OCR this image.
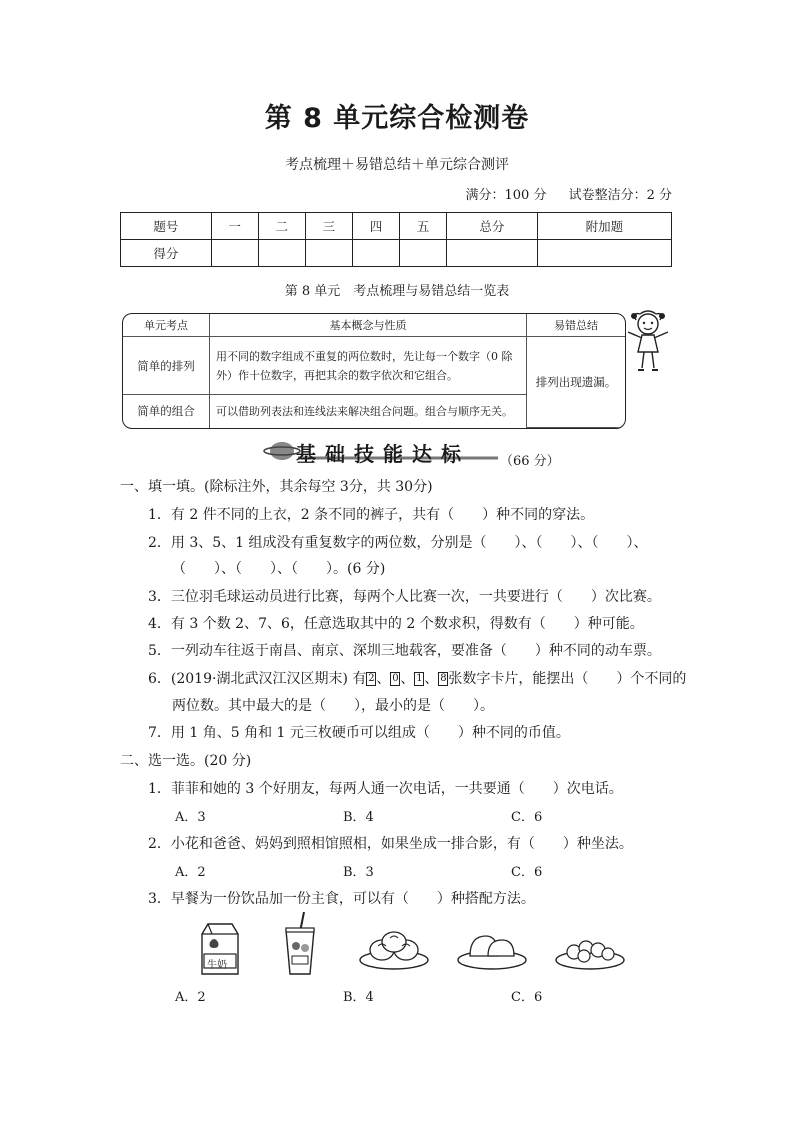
第 8 单元综合检测卷
考点梳理＋易错总结＋单元综合测评
满分：100 分 试卷整洁分：2 分
题号	一	二	三	四	五	总分	附加题
得分							
第 8 单元　考点梳理与易错总结一览表
单元考点	基本概念与性质	易错总结
简单的排列	用不同的数字组成不重复的两位数时，先让每一个数字（0 除外）作十位数字，再把其余的数字依次和它组合。	排列出现遗漏。
简单的组合	可以借助列表法和连线法来解决组合问题。组合与顺序无关。	
基础技能达标 （66 分）
一、填一填。(除标注外，其余每空 3分，共 30分)
1．有 2 件不同的上衣，2 条不同的裤子，共有（　　）种不同的穿法。
2．用 3、5、1 组成没有重复数字的两位数，分别是（　　）、（　　）、（　　）、
（　　）、（　　）、（　　）。(6 分)
3．三位羽毛球运动员进行比赛，每两个人比赛一次，一共要进行（　　）次比赛。
4．有 3 个数 2、7、6，任意选取其中的 2 个数求积，得数有（　　）种可能。
5．一列动车往返于南昌、南京、深圳三地载客，要准备（　　）种不同的动车票。
6．(2019·湖北武汉江汉区期末) 有 2 、 0 、 1 、 8 张数字卡片，能摆出（　　）个不同的
两位数。其中最大的是（　　），最小的是（　　）。
7．用 1 角、5 角和 1 元三枚硬币可以组成（　　）种不同的币值。
二、选一选。(20 分)
1．菲菲和她的 3 个好朋友，每两人通一次电话，一共要通（　　）次电话。
A．3	B．4	C．6
2．小花和爸爸、妈妈到照相馆照相，如果坐成一排合影，有（　　）种坐法。
A．2	B．3	C．6
3．早餐为一份饮品加一份主食，可以有（　　）种搭配方法。
牛奶
A．2	B．4	C．6
